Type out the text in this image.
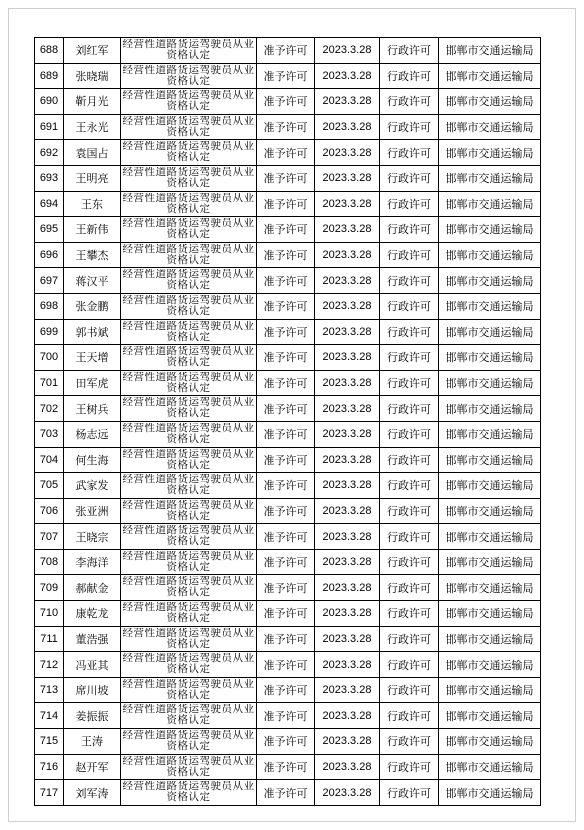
688	刘红军	经营性道路货运驾驶员从业资格认定	准予许可	2023.3.28	行政许可	邯郸市交通运输局
689	张晓瑞	经营性道路货运驾驶员从业资格认定	准予许可	2023.3.28	行政许可	邯郸市交通运输局
690	靳月光	经营性道路货运驾驶员从业资格认定	准予许可	2023.3.28	行政许可	邯郸市交通运输局
691	王永光	经营性道路货运驾驶员从业资格认定	准予许可	2023.3.28	行政许可	邯郸市交通运输局
692	袁国占	经营性道路货运驾驶员从业资格认定	准予许可	2023.3.28	行政许可	邯郸市交通运输局
693	王明亮	经营性道路货运驾驶员从业资格认定	准予许可	2023.3.28	行政许可	邯郸市交通运输局
694	王东	经营性道路货运驾驶员从业资格认定	准予许可	2023.3.28	行政许可	邯郸市交通运输局
695	王新伟	经营性道路货运驾驶员从业资格认定	准予许可	2023.3.28	行政许可	邯郸市交通运输局
696	王攀杰	经营性道路货运驾驶员从业资格认定	准予许可	2023.3.28	行政许可	邯郸市交通运输局
697	蒋汉平	经营性道路货运驾驶员从业资格认定	准予许可	2023.3.28	行政许可	邯郸市交通运输局
698	张金鹏	经营性道路货运驾驶员从业资格认定	准予许可	2023.3.28	行政许可	邯郸市交通运输局
699	郭书斌	经营性道路货运驾驶员从业资格认定	准予许可	2023.3.28	行政许可	邯郸市交通运输局
700	王天增	经营性道路货运驾驶员从业资格认定	准予许可	2023.3.28	行政许可	邯郸市交通运输局
701	田军虎	经营性道路货运驾驶员从业资格认定	准予许可	2023.3.28	行政许可	邯郸市交通运输局
702	王树兵	经营性道路货运驾驶员从业资格认定	准予许可	2023.3.28	行政许可	邯郸市交通运输局
703	杨志远	经营性道路货运驾驶员从业资格认定	准予许可	2023.3.28	行政许可	邯郸市交通运输局
704	何生海	经营性道路货运驾驶员从业资格认定	准予许可	2023.3.28	行政许可	邯郸市交通运输局
705	武家发	经营性道路货运驾驶员从业资格认定	准予许可	2023.3.28	行政许可	邯郸市交通运输局
706	张亚洲	经营性道路货运驾驶员从业资格认定	准予许可	2023.3.28	行政许可	邯郸市交通运输局
707	王晓宗	经营性道路货运驾驶员从业资格认定	准予许可	2023.3.28	行政许可	邯郸市交通运输局
708	李海洋	经营性道路货运驾驶员从业资格认定	准予许可	2023.3.28	行政许可	邯郸市交通运输局
709	郝献金	经营性道路货运驾驶员从业资格认定	准予许可	2023.3.28	行政许可	邯郸市交通运输局
710	康乾龙	经营性道路货运驾驶员从业资格认定	准予许可	2023.3.28	行政许可	邯郸市交通运输局
711	董浩强	经营性道路货运驾驶员从业资格认定	准予许可	2023.3.28	行政许可	邯郸市交通运输局
712	冯亚其	经营性道路货运驾驶员从业资格认定	准予许可	2023.3.28	行政许可	邯郸市交通运输局
713	席川坡	经营性道路货运驾驶员从业资格认定	准予许可	2023.3.28	行政许可	邯郸市交通运输局
714	姜振振	经营性道路货运驾驶员从业资格认定	准予许可	2023.3.28	行政许可	邯郸市交通运输局
715	王涛	经营性道路货运驾驶员从业资格认定	准予许可	2023.3.28	行政许可	邯郸市交通运输局
716	赵开军	经营性道路货运驾驶员从业资格认定	准予许可	2023.3.28	行政许可	邯郸市交通运输局
717	刘军涛	经营性道路货运驾驶员从业资格认定	准予许可	2023.3.28	行政许可	邯郸市交通运输局
